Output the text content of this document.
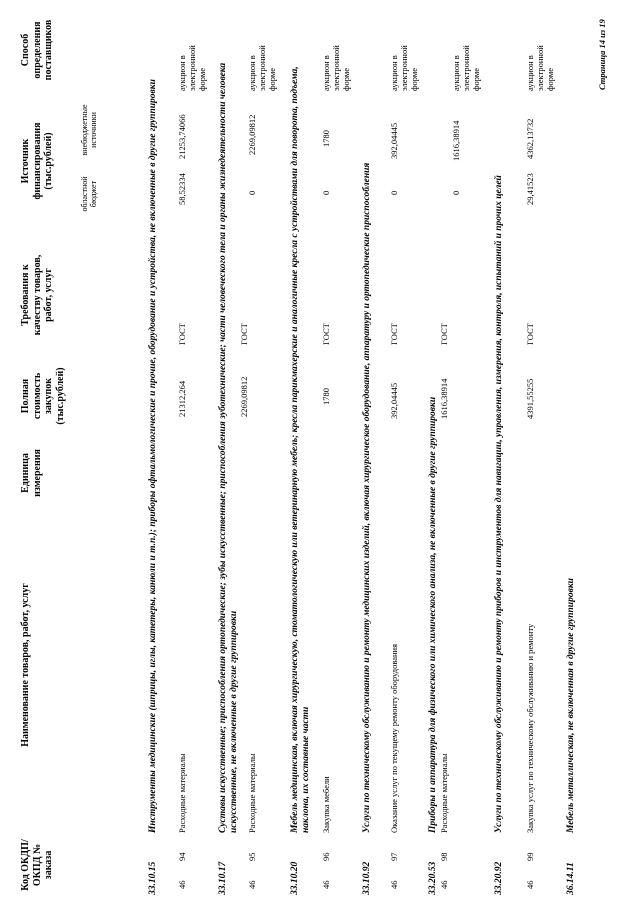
Код ОКДП/ ОКПД № заказа
Наименование товаров, работ, услуг
Единица измерения
Полная стоимость закупок (тыс.рублей)
Требования к качеству товаров, работ, услуг
Источник финансирования (тыс.рублей)
областной бюджет
внебюджетные источники
Способ определения поставщиков
33.10.15
Инструменты медицинские (шприцы, иглы, катетеры, канюли и т.п.); приборы офтальмологические и прочие, оборудование и устройства, не включенные в другие группировки
46
94
Расходные материалы
21312,264
ГОСТ
58,52334
21253,74066
аукцион в электронной форме
33.10.17
Суставы искусственные; приспособления ортопедические; зубы искусственные; приспособления зуботехнические; части человеческого тела и органы жизнедеятельности человека искусственные, не включенные в другие группировки
46
95
Расходные материалы
2269,09812
ГОСТ
0
2269,09812
аукцион в электронной форме
33.10.20
Мебель медицинская, включая хирургическую, стоматологическую или ветеринарную мебель; кресла парикмахерские и аналогичные кресла с устройствами для поворота, подъема, наклона, их составные части
46
96
Закупка мебели
1780
ГОСТ
0
1780
аукцион в электронной форме
33.10.92
Услуги по техническому обслуживанию и ремонту медицинских изделий, включая хирургическое оборудование, аппаратуру и ортопедические приспособления
46
97
Оказание услуг по текущему ремонту оборудования
392,04445
ГОСТ
0
392,04445
аукцион в электронной форме
33.20.53
Приборы и аппаратура для физического или химического анализа, не включенные в другие группировки
46
98
Расходные материалы
1616,38914
ГОСТ
0
1616,38914
аукцион в электронной форме
33.20.92
Услуги по техническому обслуживанию и ремонту приборов и инструментов для навигации, управления, измерения, контроля, испытаний и прочих целей
46
99
Закупка услуг по техническому обслуживанию и ремонту
4391,55255
ГОСТ
29,41523
4362,13732
аукцион в электронной форме
36.14.11
Мебель металлическая, не включенная в другие группировки
Страница 14 из 19
